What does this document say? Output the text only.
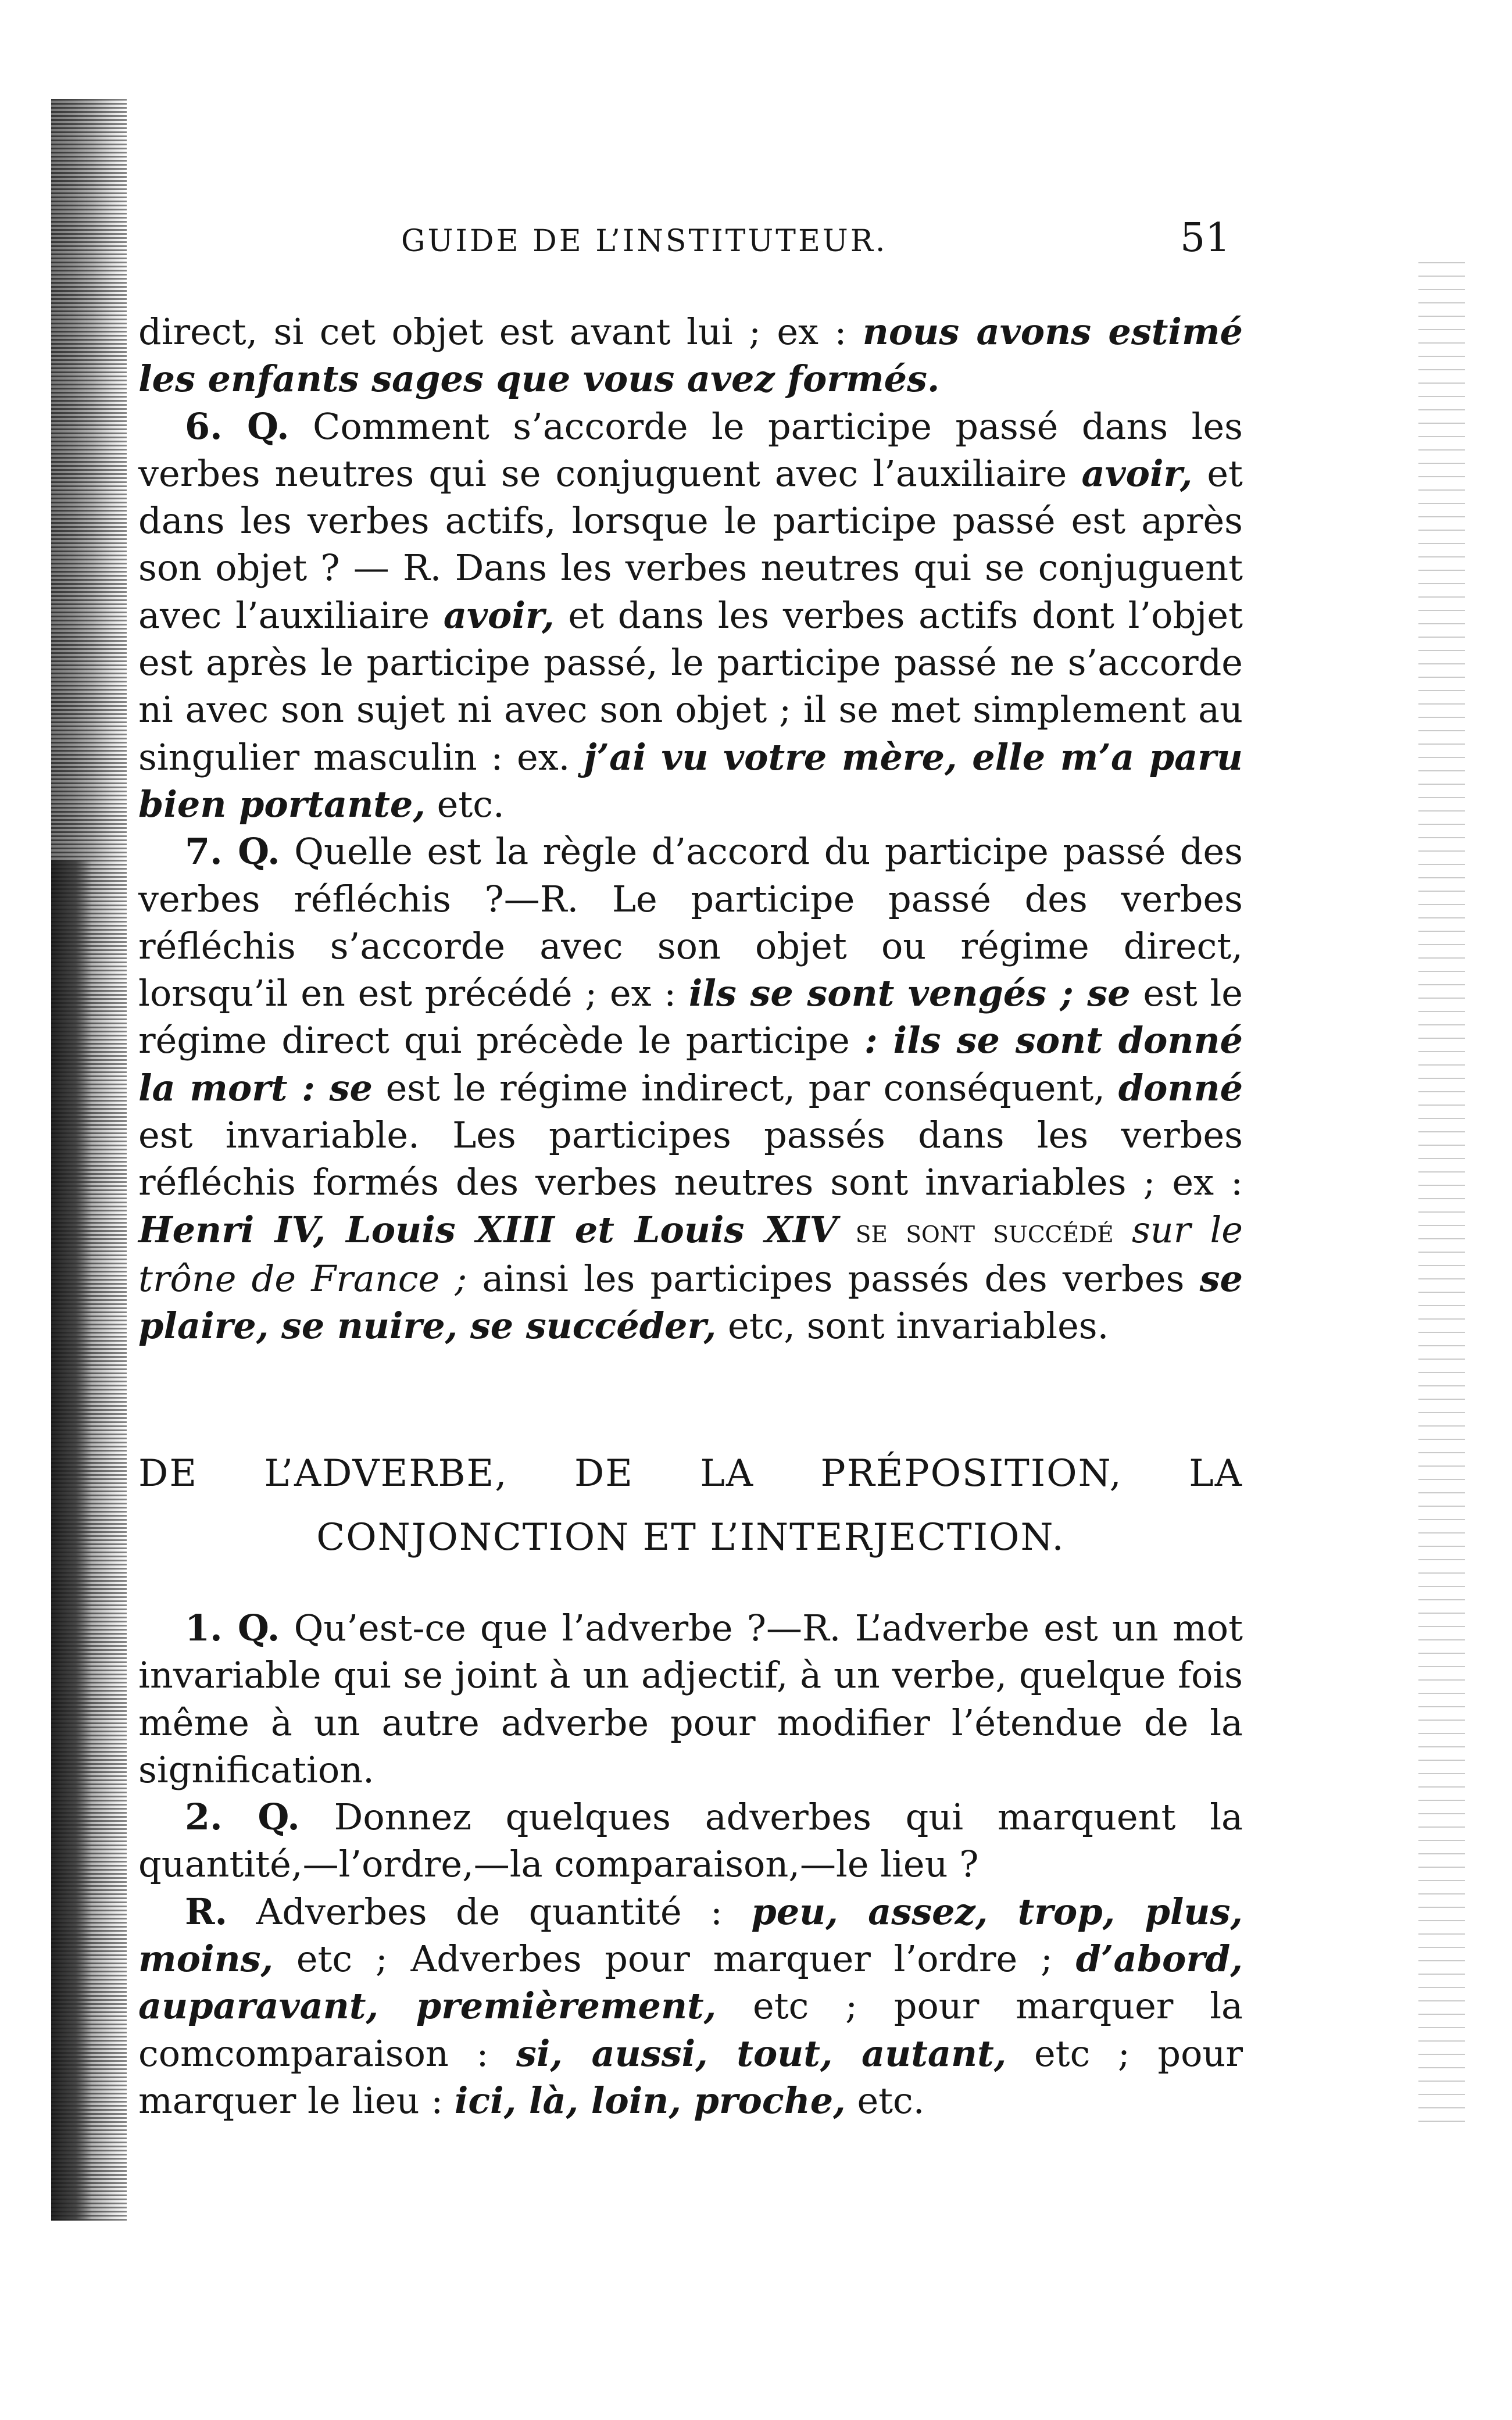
GUIDE DE L’INSTITUTEUR.	51

direct, si cet objet est avant lui ; ex : nous avons estimé les enfants sages que vous avez formés.

6. Q. Comment s’accorde le participe passé dans les verbes neutres qui se conjuguent avec l’auxiliaire avoir, et dans les verbes actifs, lorsque le participe passé est après son objet ? — R. Dans les verbes neutres qui se conjuguent avec l’auxiliaire avoir, et dans les verbes actifs dont l’objet est après le participe passé, le participe passé ne s’accorde ni avec son sujet ni avec son objet ; il se met simplement au singulier masculin : ex. j’ai vu votre mère, elle m’a paru bien portante, etc.

7. Q. Quelle est la règle d’accord du participe passé des verbes réfléchis ?—R. Le participe passé des verbes réfléchis s’accorde avec son objet ou régime direct, lorsqu’il en est précédé ; ex : ils se sont vengés ; se est le régime direct qui précède le participe : ils se sont donné la mort : se est le régime indirect, par conséquent, donné est invariable. Les participes passés dans les verbes réfléchis formés des verbes neutres sont invariables ; ex : Henri IV, Louis XIII et Louis XIV se sont succédé sur le trône de France ; ainsi les participes passés des verbes se plaire, se nuire, se succéder, etc, sont invariables.

DE L’ADVERBE, DE LA PRÉPOSITION, LA
CONJONCTION ET L’INTERJECTION.

1. Q. Qu’est-ce que l’adverbe ?—R. L’adverbe est un mot invariable qui se joint à un adjectif, à un verbe, quelque fois même à un autre adverbe pour modifier l’étendue de la signification.

2. Q. Donnez quelques adverbes qui marquent la quantité,—l’ordre,—la comparaison,—le lieu ?

R. Adverbes de quantité : peu, assez, trop, plus, moins, etc ; Adverbes pour marquer l’ordre ; d’abord, auparavant, premièrement, etc ; pour marquer la comcomparaison : si, aussi, tout, autant, etc ; pour marquer le lieu : ici, là, loin, proche, etc.
